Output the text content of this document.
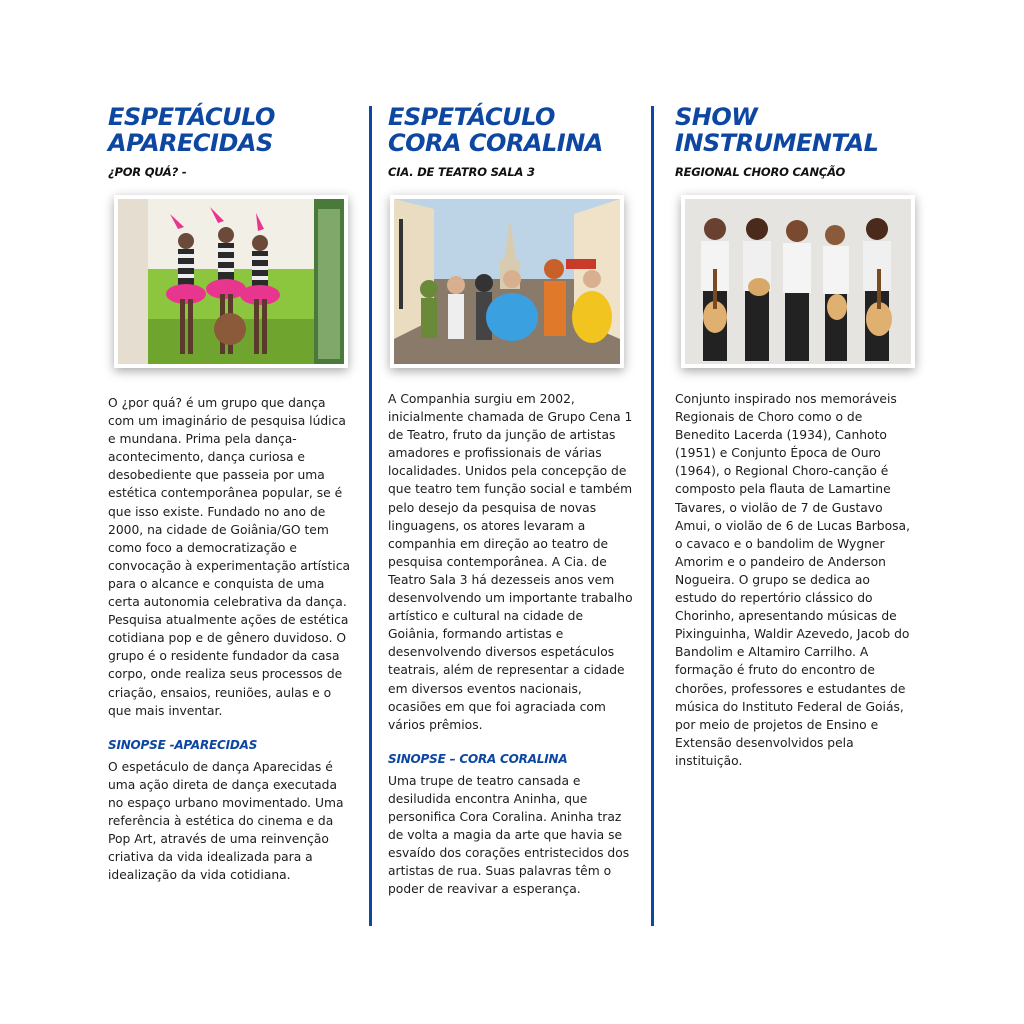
ESPETÁCULO
APARECIDAS
¿POR QUÁ? -

O ¿por quá? é um grupo que dança com um imaginário de pesquisa lúdica e mundana. Prima pela dança-acontecimento, dança curiosa e desobediente que passeia por uma estética contemporânea popular, se é que isso existe. Fundado no ano de 2000, na cidade de Goiânia/GO tem como foco a democratização e convocação à experimentação artística para o alcance e conquista de uma certa autonomia celebrativa da dança. Pesquisa atualmente ações de estética cotidiana pop e de gênero duvidoso. O grupo é o residente fundador da casa corpo, onde realiza seus processos de criação, ensaios, reuniões, aulas e o que mais inventar.

SINOPSE -APARECIDAS

O espetáculo de dança Aparecidas é uma ação direta de dança executada no espaço urbano movimentado. Uma referência à estética do cinema e da Pop Art, através de uma reinvenção criativa da vida idealizada para a idealização da vida cotidiana.

ESPETÁCULO
CORA CORALINA
CIA. DE TEATRO SALA 3

A Companhia surgiu em 2002, inicialmente chamada de Grupo Cena 1 de Teatro, fruto da junção de artistas amadores e profissionais de várias localidades. Unidos pela concepção de que teatro tem função social e também pelo desejo da pesquisa de novas linguagens, os atores levaram a companhia em direção ao teatro de pesquisa contemporânea. A Cia. de Teatro Sala 3 há dezesseis anos vem desenvolvendo um importante trabalho artístico e cultural na cidade de Goiânia, formando artistas e desenvolvendo diversos espetáculos teatrais, além de representar a cidade em diversos eventos nacionais, ocasiões em que foi agraciada com vários prêmios.

SINOPSE – CORA CORALINA

Uma trupe de teatro cansada e desiludida encontra Aninha, que personifica Cora Coralina. Aninha traz de volta a magia da arte que havia se esvaído dos corações entristecidos dos artistas de rua. Suas palavras têm o poder de reavivar a esperança.

SHOW
INSTRUMENTAL
REGIONAL CHORO CANÇÃO

Conjunto inspirado nos memoráveis Regionais de Choro como o de Benedito Lacerda (1934), Canhoto (1951) e Conjunto Época de Ouro (1964), o Regional Choro-canção é composto pela flauta de Lamartine Tavares, o violão de 7 de Gustavo Amui, o violão de 6 de Lucas Barbosa, o cavaco e o bandolim de Wygner Amorim e o pandeiro de Anderson Nogueira. O grupo se dedica ao estudo do repertório clássico do Chorinho, apresentando músicas de Pixinguinha, Waldir Azevedo, Jacob do Bandolim e Altamiro Carrilho. A formação é fruto do encontro de chorões, professores e estudantes de música do Instituto Federal de Goiás, por meio de projetos de Ensino e Extensão desenvolvidos pela instituição.
